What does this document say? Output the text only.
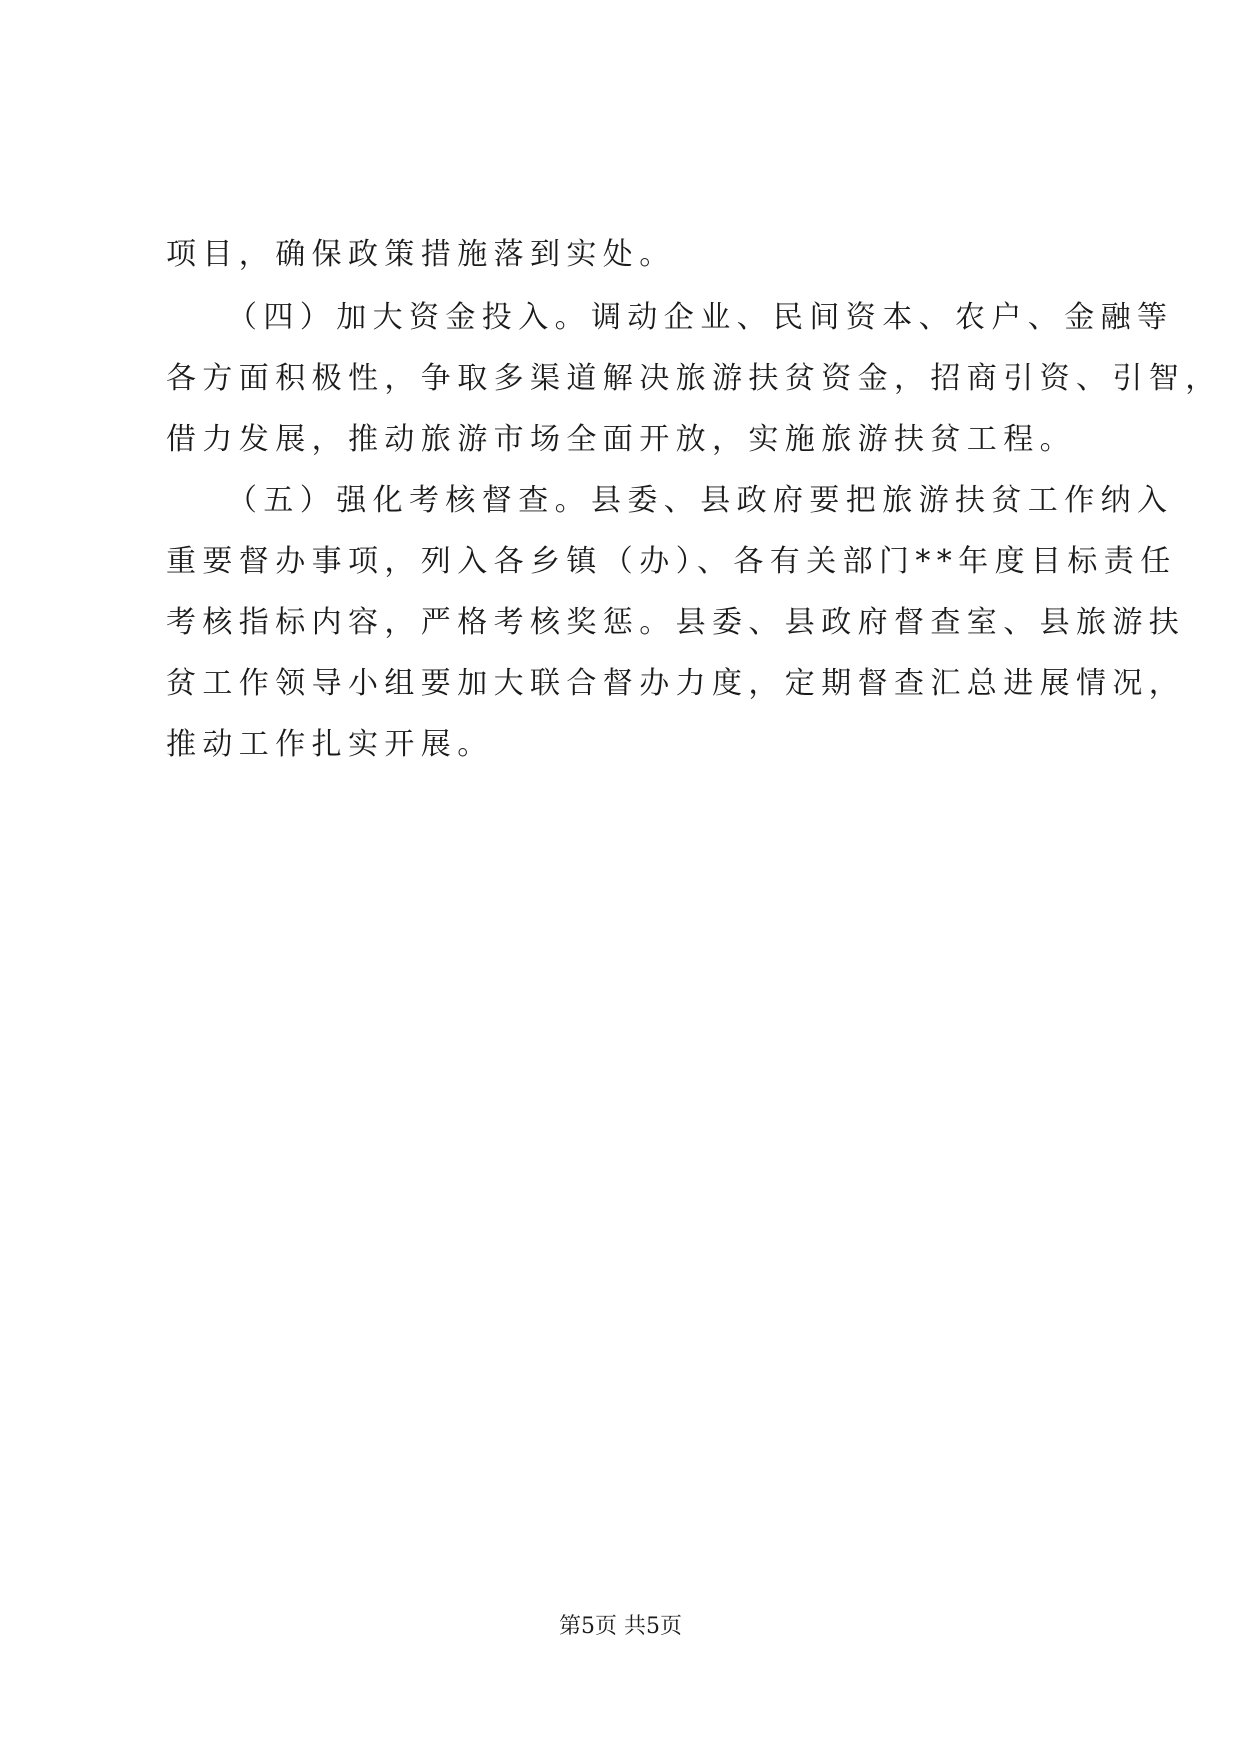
项目，确保政策措施落到实处。
（四）加大资金投入。调动企业、民间资本、农户、金融等
各方面积极性，争取多渠道解决旅游扶贫资金，招商引资、引智，
借力发展，推动旅游市场全面开放，实施旅游扶贫工程。
（五）强化考核督查。县委、县政府要把旅游扶贫工作纳入
重要督办事项，列入各乡镇（办）、各有关部门**年度目标责任
考核指标内容，严格考核奖惩。县委、县政府督查室、县旅游扶
贫工作领导小组要加大联合督办力度，定期督查汇总进展情况，
推动工作扎实开展。
第5页 共5页
